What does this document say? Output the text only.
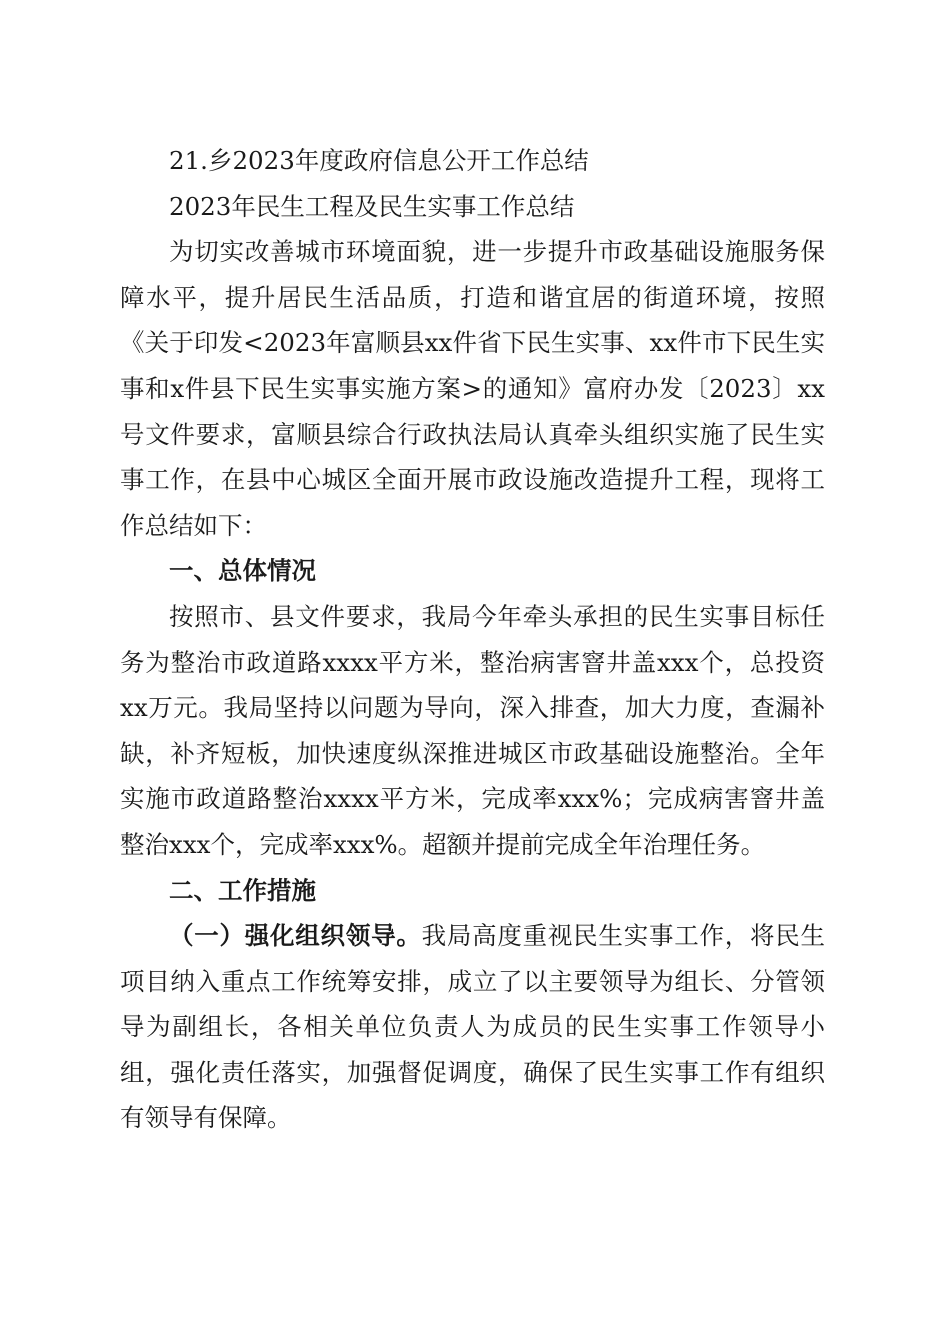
21.乡2023年度政府信息公开工作总结

2023年民生工程及民生实事工作总结

为切实改善城市环境面貌，进一步提升市政基础设施服务保障水平，提升居民生活品质，打造和谐宜居的街道环境，按照《关于印发<2023年富顺县xx件省下民生实事、xx件市下民生实事和x件县下民生实事实施方案>的通知》富府办发〔2023〕xx号文件要求，富顺县综合行政执法局认真牵头组织实施了民生实事工作，在县中心城区全面开展市政设施改造提升工程，现将工作总结如下：

一、总体情况

按照市、县文件要求，我局今年牵头承担的民生实事目标任务为整治市政道路xxxx平方米，整治病害窨井盖xxx个，总投资xx万元。我局坚持以问题为导向，深入排查，加大力度，查漏补缺，补齐短板，加快速度纵深推进城区市政基础设施整治。全年实施市政道路整治xxxx平方米，完成率xxx%；完成病害窨井盖整治xxx个，完成率xxx%。超额并提前完成全年治理任务。

二、工作措施

（一）强化组织领导。我局高度重视民生实事工作，将民生项目纳入重点工作统筹安排，成立了以主要领导为组长、分管领导为副组长，各相关单位负责人为成员的民生实事工作领导小组，强化责任落实，加强督促调度，确保了民生实事工作有组织有领导有保障。
